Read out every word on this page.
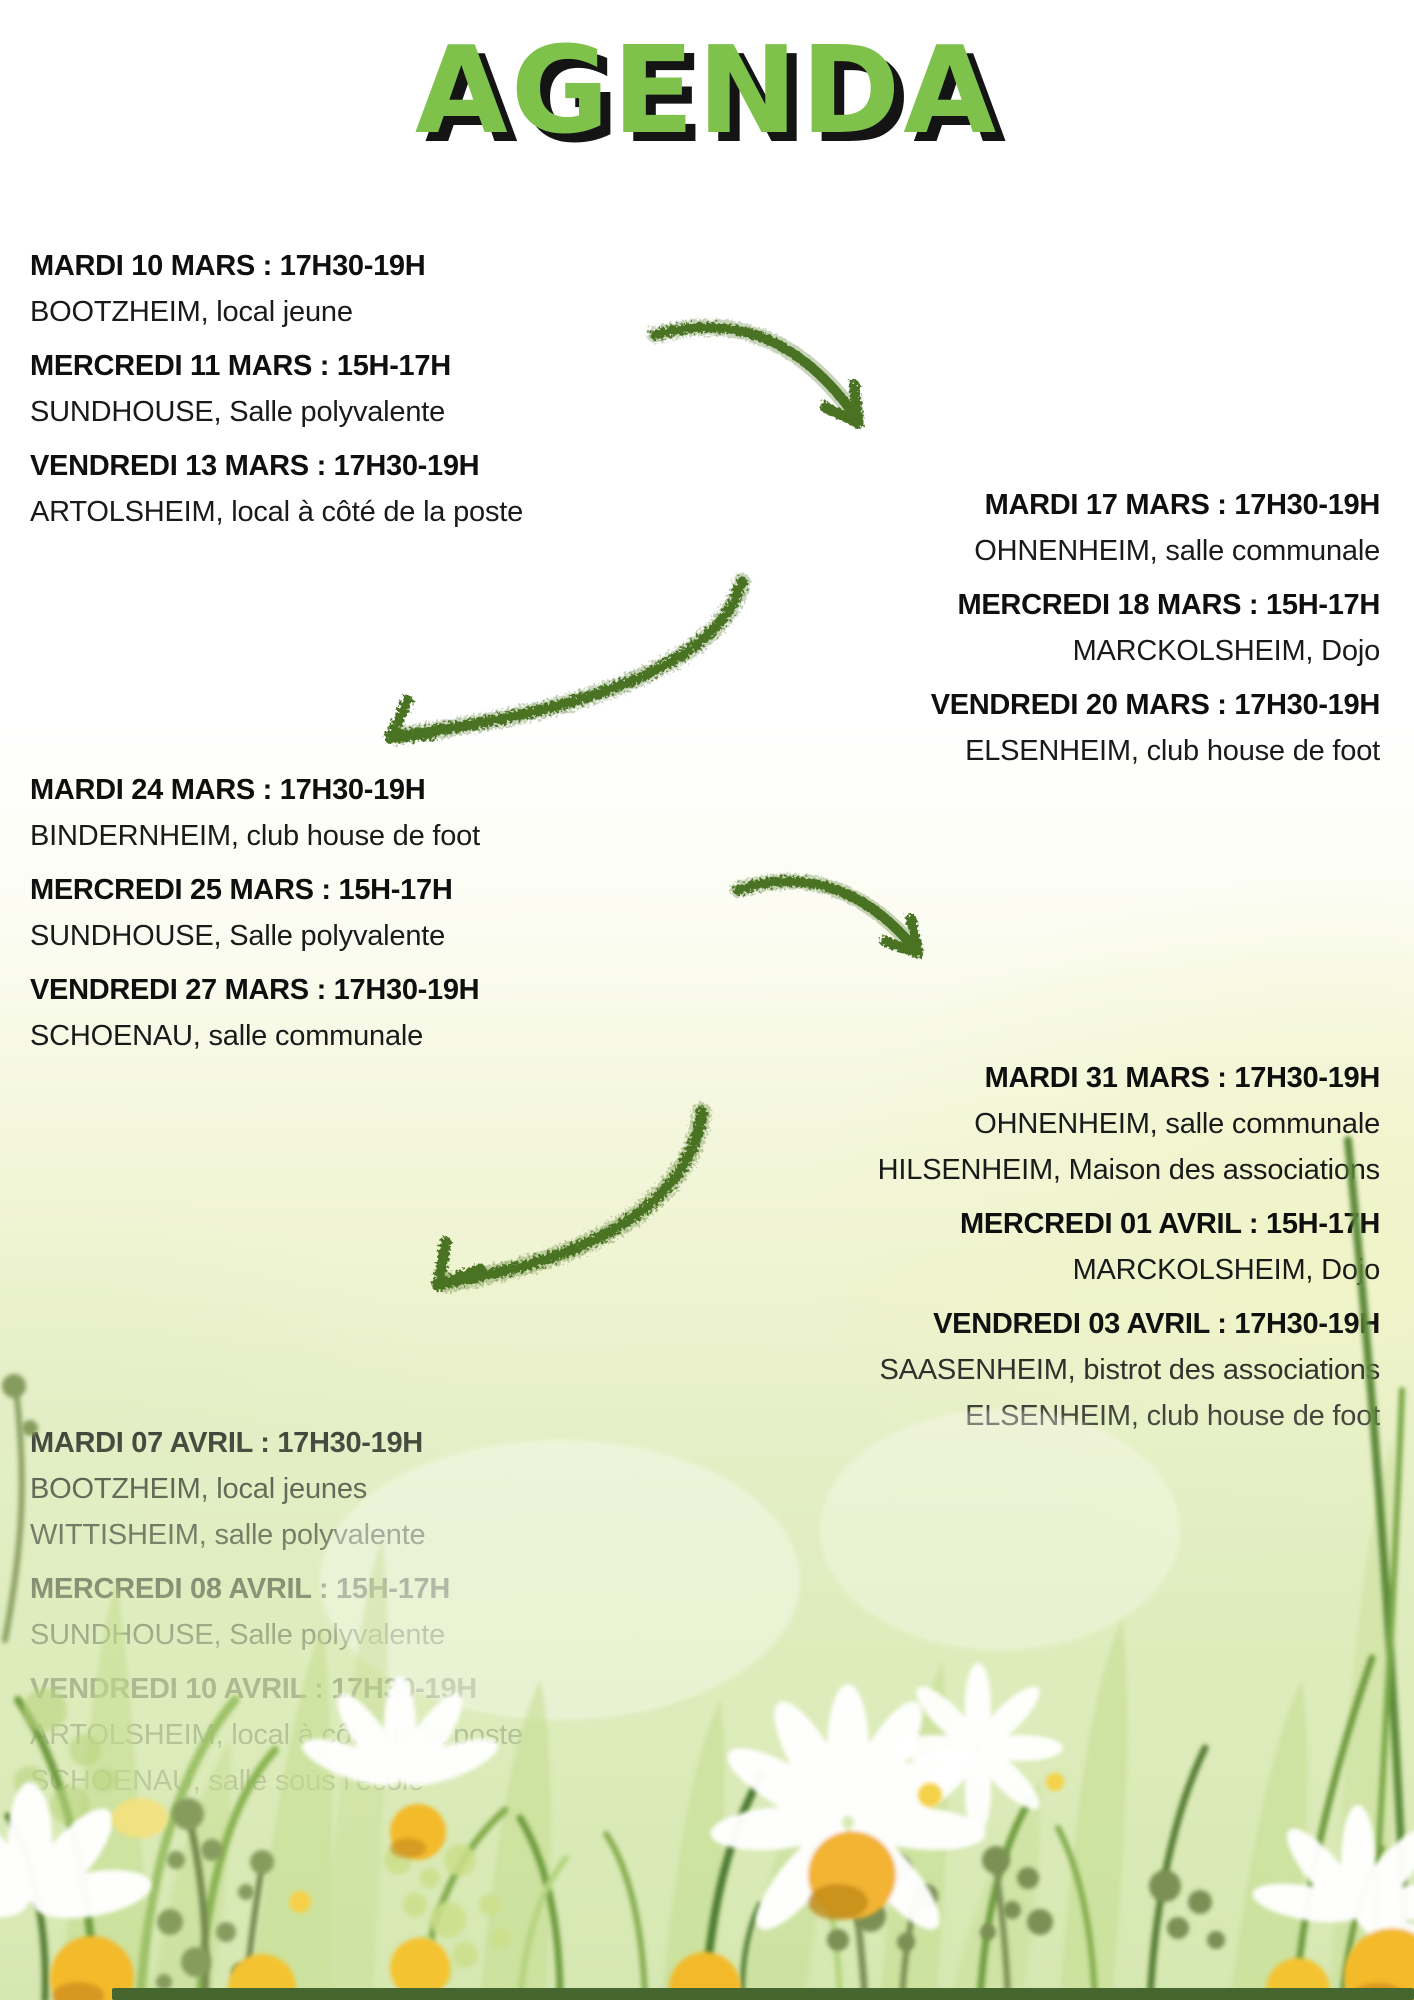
AGENDA

MARDI 10 MARS : 17H30-19H

BOOTZHEIM, local jeune

MERCREDI 11 MARS : 15H-17H

SUNDHOUSE, Salle polyvalente

VENDREDI 13 MARS : 17H30-19H

ARTOLSHEIM, local à côté de la poste	MARDI 17 MARS : 17H30-19H

OHNENHEIM, salle communale

MERCREDI 18 MARS : 15H-17H

MARCKOLSHEIM, Dojo

VENDREDI 20 MARS : 17H30-19H

ELSENHEIM, club house de foot

MARDI 24 MARS : 17H30-19H

BINDERNHEIM, club house de foot

MERCREDI 25 MARS : 15H-17H

SUNDHOUSE, Salle polyvalente

VENDREDI 27 MARS : 17H30-19H

SCHOENAU, salle communale

MARDI 31 MARS : 17H30-19H

OHNENHEIM, salle communale

HILSENHEIM, Maison des associations

MERCREDI 01 AVRIL : 15H-17H

MARCKOLSHEIM, Dojo
